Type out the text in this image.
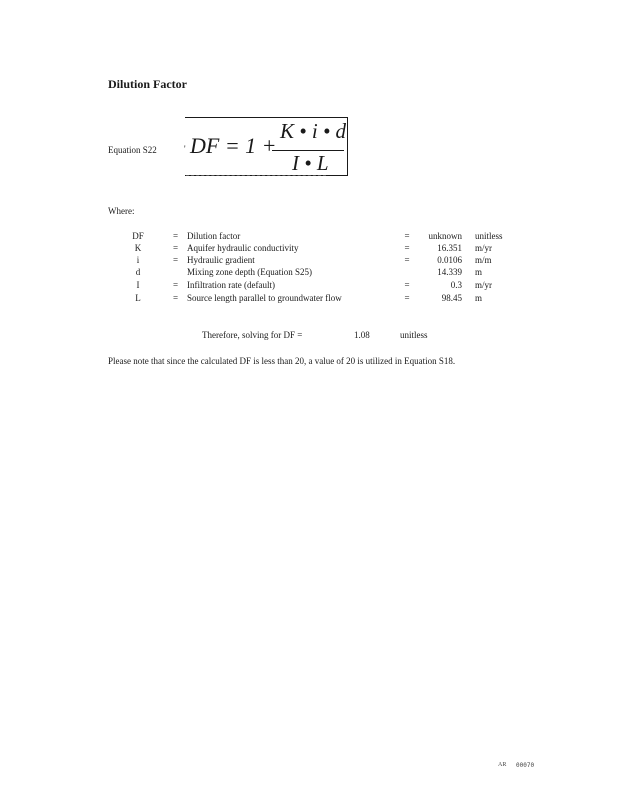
Dilution Factor
Equation S22	' DF = 1 +
K • i • d
I • L
Where:
DF	= Dilution factor	=	unknown unitless
K	= Aquifer hydraulic conductivity	=	16.351 m/yr
i	= Hydraulic gradient	=	0.0106 m/m
d	Mixing zone depth (Equation S25)	14.339 m
I	= Infiltration rate (default)	=	0.3 m/yr
L	= Source length parallel to groundwater flow	=	98.45 m
Therefore, solving for DF =	1.08	unitless
Please note that since the calculated DF is less than 20, a value of 20 is utilized in Equation S18.
AR 00070
